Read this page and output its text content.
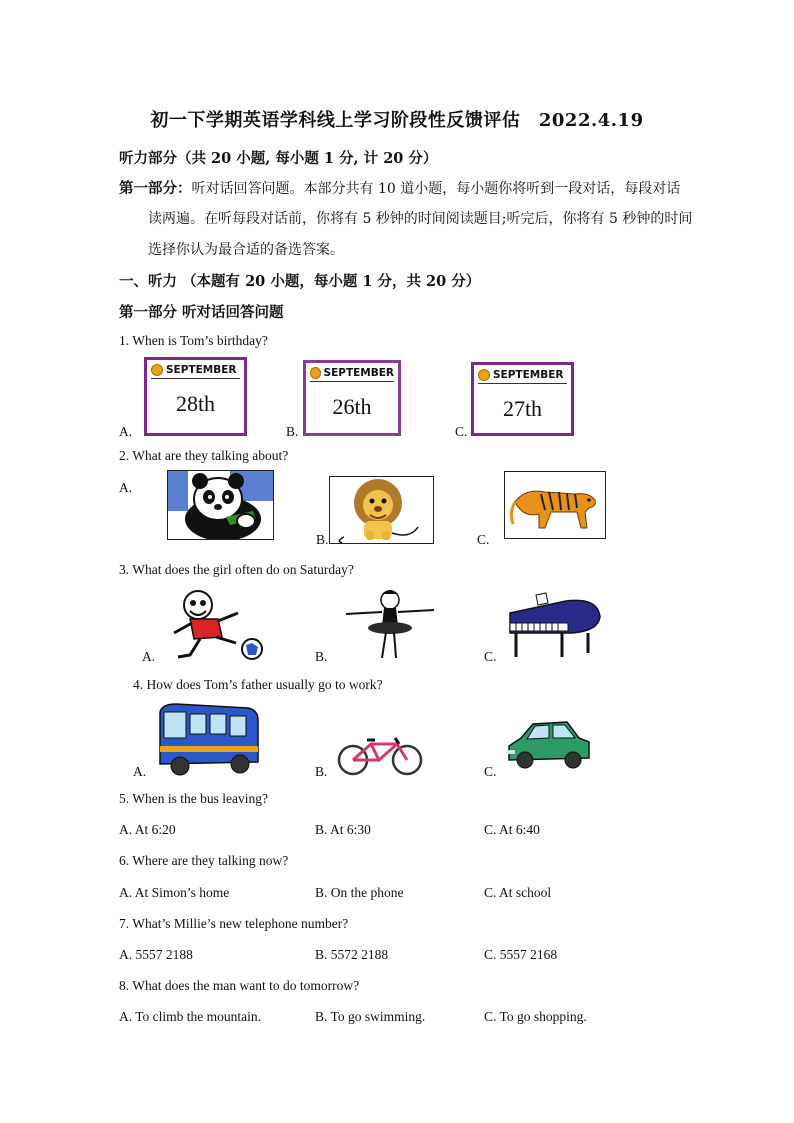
初一下学期英语学科线上学习阶段性反馈评估　2022.4.19
听力部分（共 20 小题, 每小题 1 分, 计 20 分）
第一部分：听对话回答问题。本部分共有 10 道小题，每小题你将听到一段对话，每段对话
读两遍。在听每段对话前，你将有 5 秒钟的时间阅读题目;听完后，你将有 5 秒钟的时间
选择你认为最合适的备选答案。
一、听力 （本题有 20 小题，每小题 1 分，共 20 分）
第一部分 听对话回答问题
1. When is Tom’s birthday?
A.
SEPTEMBER
28th
B.
SEPTEMBER
26th
C.
SEPTEMBER
27th
2. What are they talking about?
A.
B.	C.
3. What does the girl often do on Saturday?
A.	B.	C.
4. How does Tom’s father usually go to work?
A.	B.	C.
5. When is the bus leaving?
A. At 6:20	B. At 6:30	C. At 6:40
6. Where are they talking now?
A. At Simon’s home	B. On the phone	C. At school
7. What’s Millie’s new telephone number?
A. 5557 2188	B. 5572 2188	C. 5557 2168
8. What does the man want to do tomorrow?
A. To climb the mountain.	B. To go swimming.	C. To go shopping.
